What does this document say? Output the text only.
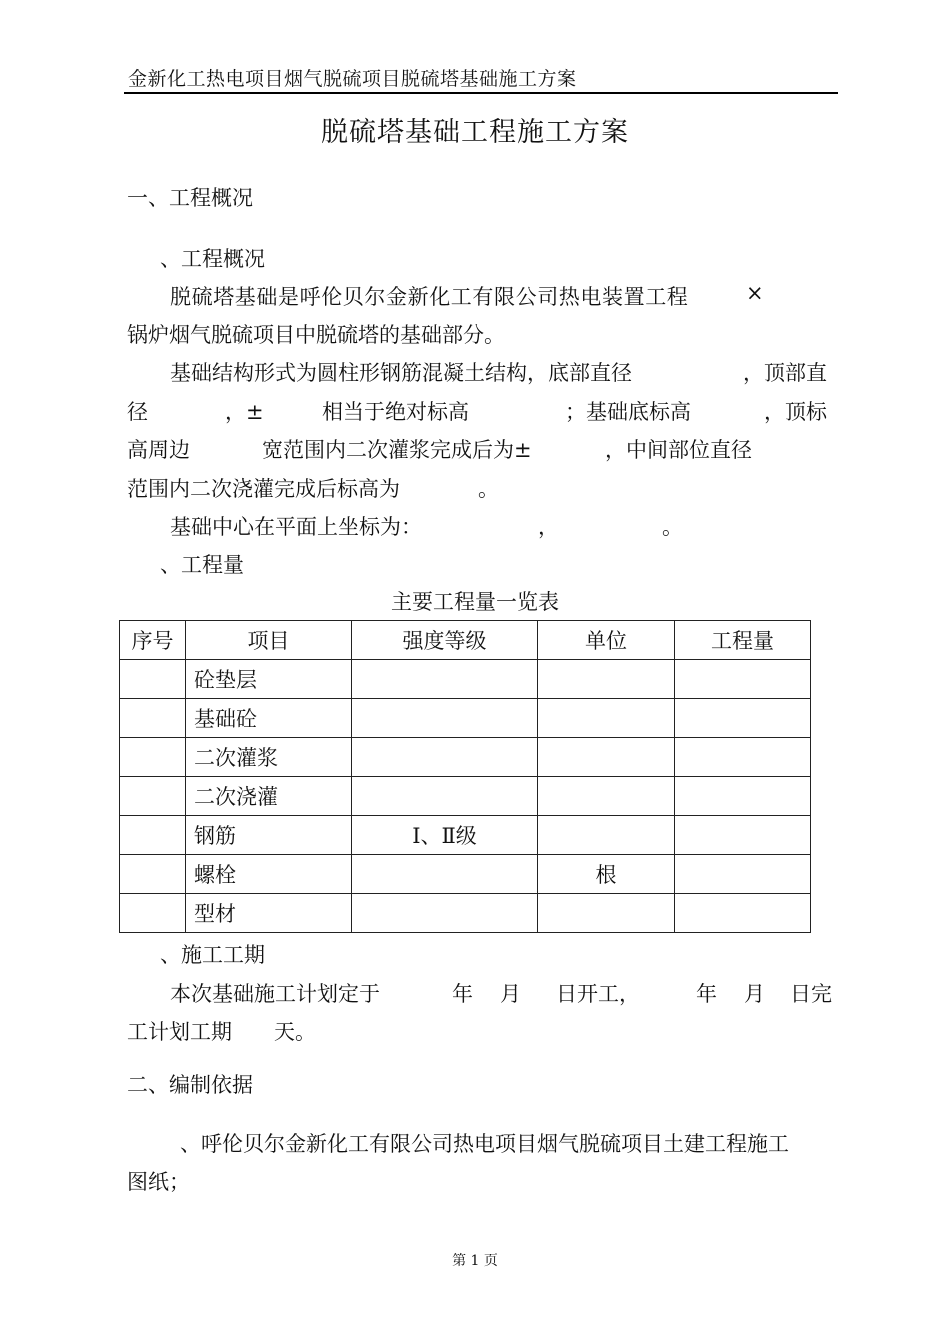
金新化工热电项目烟气脱硫项目脱硫塔基础施工方案
脱硫塔基础工程施工方案
一、工程概况
、工程概况
脱硫塔基础是呼伦贝尔金新化工有限公司热电装置工程	×
锅炉烟气脱硫项目中脱硫塔的基础部分。
基础结构形式为圆柱形钢筋混凝土结构，底部直径	，顶部直
径	，±	相当于绝对标高	；基础底标高	，顶标
高周边	宽范围内二次灌浆完成后为±	，中间部位直径
范围内二次浇灌完成后标高为	。
基础中心在平面上坐标为：	，	。
、工程量
主要工程量一览表
序号	项目	强度等级	单位	工程量
	砼垫层			
	基础砼			
	二次灌浆			
	二次浇灌			
	钢筋	Ⅰ、Ⅱ级		
	螺栓		根	
	型材			
、施工工期
本次基础施工计划定于	年 月 日开工，	年 月 日完
工计划工期 天。
二、编制依据
、呼伦贝尔金新化工有限公司热电项目烟气脱硫项目土建工程施工
图纸；
第 1 页
